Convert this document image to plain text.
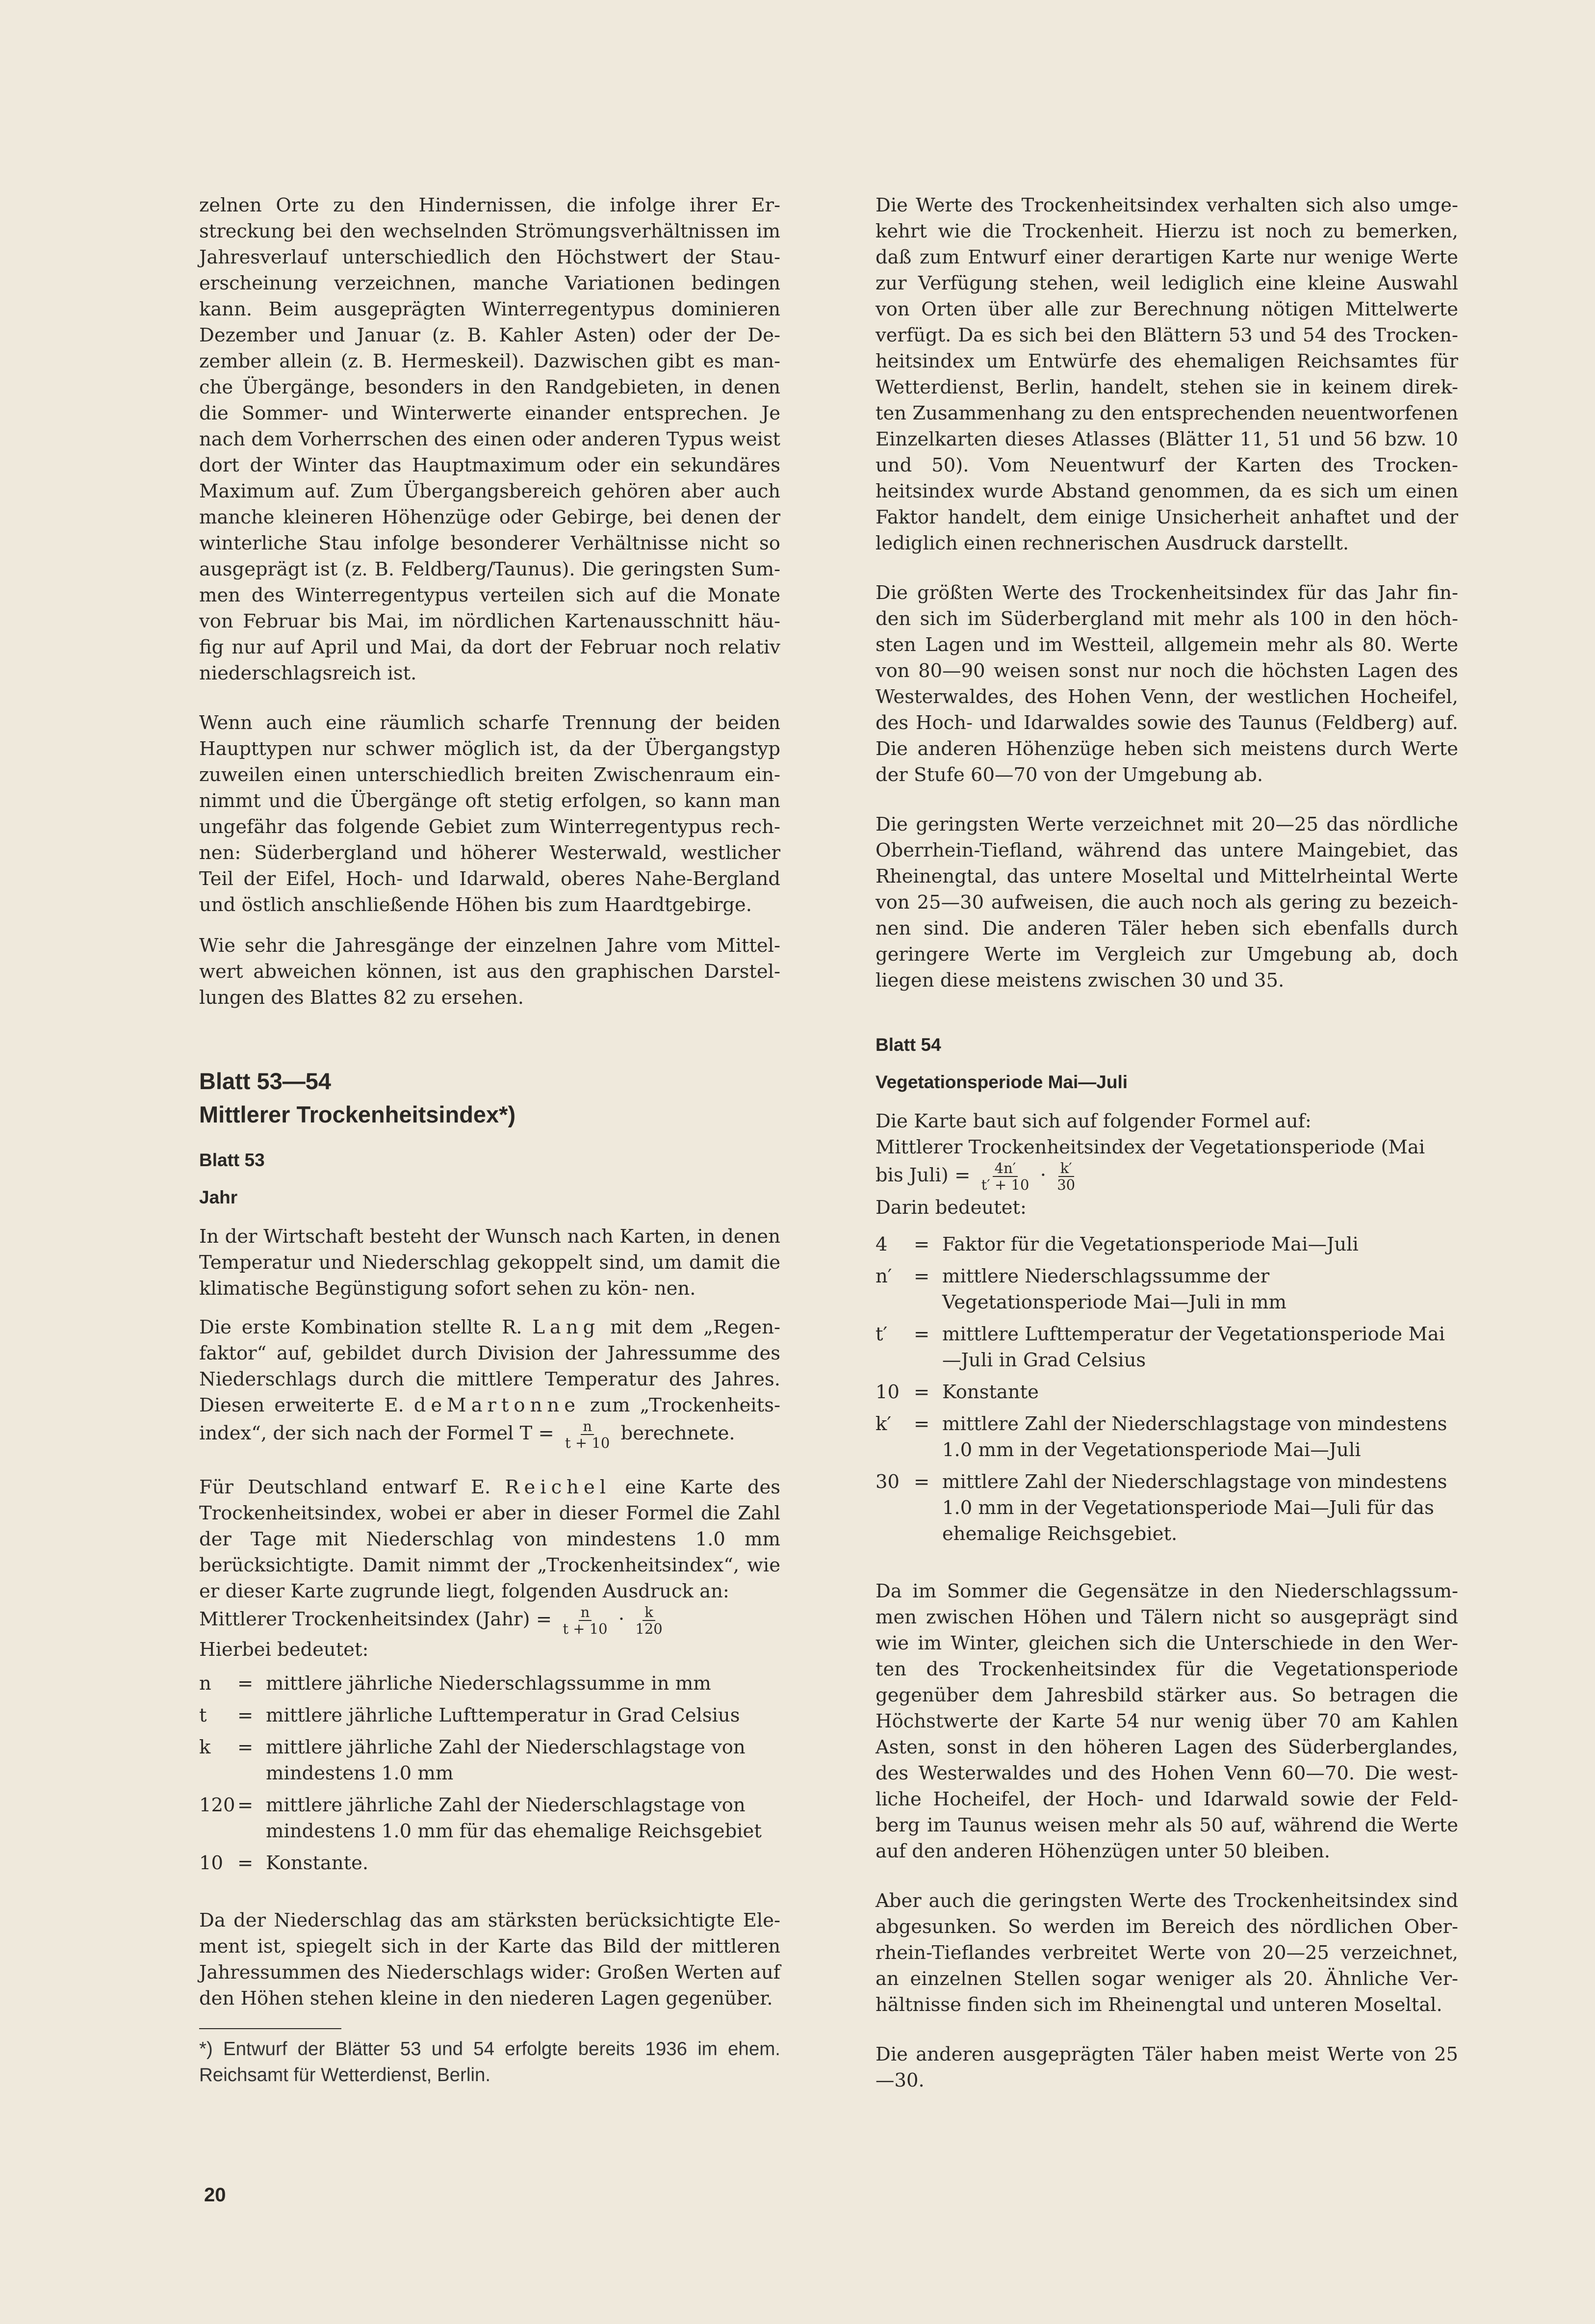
zelnen Orte zu den Hindernissen, die infolge ihrer Er- streckung bei den wechselnden Strömungsverhältnissen im Jahresverlauf unterschiedlich den Höchstwert der Stau- erscheinung verzeichnen, manche Variationen bedingen kann. Beim ausgeprägten Winterregentypus dominieren Dezember und Januar (z. B. Kahler Asten) oder der De- zember allein (z. B. Hermeskeil). Dazwischen gibt es man- che Übergänge, besonders in den Randgebieten, in denen die Sommer- und Winterwerte einander entsprechen. Je nach dem Vorherrschen des einen oder anderen Typus weist dort der Winter das Hauptmaximum oder ein sekundäres Maximum auf. Zum Übergangsbereich gehören aber auch manche kleineren Höhenzüge oder Gebirge, bei denen der winterliche Stau infolge besonderer Verhältnisse nicht so ausgeprägt ist (z. B. Feldberg/Taunus). Die geringsten Sum- men des Winterregentypus verteilen sich auf die Monate von Februar bis Mai, im nördlichen Kartenausschnitt häu- fig nur auf April und Mai, da dort der Februar noch relativ niederschlagsreich ist.

Wenn auch eine räumlich scharfe Trennung der beiden Haupttypen nur schwer möglich ist, da der Übergangstyp zuweilen einen unterschiedlich breiten Zwischenraum ein- nimmt und die Übergänge oft stetig erfolgen, so kann man ungefähr das folgende Gebiet zum Winterregentypus rech- nen: Süderbergland und höherer Westerwald, westlicher Teil der Eifel, Hoch- und Idarwald, oberes Nahe-Bergland und östlich anschließende Höhen bis zum Haardtgebirge.

Wie sehr die Jahresgänge der einzelnen Jahre vom Mittel- wert abweichen können, ist aus den graphischen Darstel- lungen des Blattes 82 zu ersehen.

Blatt 53—54
Mittlerer Trockenheitsindex*)
Blatt 53
Jahr

In der Wirtschaft besteht der Wunsch nach Karten, in denen Temperatur und Niederschlag gekoppelt sind, um damit die klimatische Begünstigung sofort sehen zu kön- nen.

Die erste Kombination stellte R. Lang mit dem „Regen- faktor“ auf, gebildet durch Division der Jahressumme des Niederschlags durch die mittlere Temperatur des Jahres. Diesen erweiterte E. deMartonne zum „Trockenheits- index“, der sich nach der Formel $T = \frac{n}{t + 10}$ berechnete.

Für Deutschland entwarf E. Reichel eine Karte des Trockenheitsindex, wobei er aber in dieser Formel die Zahl der Tage mit Niederschlag von mindestens 1.0 mm berücksichtigte. Damit nimmt der „Trockenheitsindex“, wie er dieser Karte zugrunde liegt, folgenden Ausdruck an:

Mittlerer Trockenheitsindex (Jahr) = $\frac{n}{t + 10} \cdot \frac{k}{120}$
Hierbei bedeutet:
n	= mittlere jährliche Niederschlagssumme in mm
t	= mittlere jährliche Lufttemperatur in Grad Celsius
k	= mittlere jährliche Zahl der Niederschlagstage von mindestens 1.0 mm
120 = mittlere jährliche Zahl der Niederschlagstage von mindestens 1.0 mm für das ehemalige Reichsgebiet
10 = Konstante.

Da der Niederschlag das am stärksten berücksichtigte Ele- ment ist, spiegelt sich in der Karte das Bild der mittleren Jahressummen des Niederschlags wider: Großen Werten auf den Höhen stehen kleine in den niederen Lagen gegenüber.

*) Entwurf der Blätter 53 und 54 erfolgte bereits 1936 im ehem. Reichsamt für Wetterdienst, Berlin.

Die Werte des Trockenheitsindex verhalten sich also umge- kehrt wie die Trockenheit. Hierzu ist noch zu bemerken, daß zum Entwurf einer derartigen Karte nur wenige Werte zur Verfügung stehen, weil lediglich eine kleine Auswahl von Orten über alle zur Berechnung nötigen Mittelwerte verfügt. Da es sich bei den Blättern 53 und 54 des Trocken- heitsindex um Entwürfe des ehemaligen Reichsamtes für Wetterdienst, Berlin, handelt, stehen sie in keinem direk- ten Zusammenhang zu den entsprechenden neuentworfenen Einzelkarten dieses Atlasses (Blätter 11, 51 und 56 bzw. 10 und 50). Vom Neuentwurf der Karten des Trocken- heitsindex wurde Abstand genommen, da es sich um einen Faktor handelt, dem einige Unsicherheit anhaftet und der lediglich einen rechnerischen Ausdruck darstellt.

Die größten Werte des Trockenheitsindex für das Jahr fin- den sich im Süderbergland mit mehr als 100 in den höch- sten Lagen und im Westteil, allgemein mehr als 80. Werte von 80—90 weisen sonst nur noch die höchsten Lagen des Westerwaldes, des Hohen Venn, der westlichen Hocheifel, des Hoch- und Idarwaldes sowie des Taunus (Feldberg) auf. Die anderen Höhenzüge heben sich meistens durch Werte der Stufe 60—70 von der Umgebung ab.

Die geringsten Werte verzeichnet mit 20—25 das nördliche Oberrhein-Tiefland, während das untere Maingebiet, das Rheinengtal, das untere Moseltal und Mittelrheintal Werte von 25—30 aufweisen, die auch noch als gering zu bezeich- nen sind. Die anderen Täler heben sich ebenfalls durch geringere Werte im Vergleich zur Umgebung ab, doch liegen diese meistens zwischen 30 und 35.

Blatt 54
Vegetationsperiode Mai—Juli
Die Karte baut sich auf folgender Formel auf:
Mittlerer Trockenheitsindex der Vegetationsperiode (Mai bis Juli) = $\frac{4n'}{t' + 10} \cdot \frac{k'}{30}$
Darin bedeutet:
4	= Faktor für die Vegetationsperiode Mai—Juli
n′	= mittlere Niederschlagssumme der Vegetationsperiode Mai—Juli in mm
t′	= mittlere Lufttemperatur der Vegetationsperiode Mai—Juli in Grad Celsius
10 = Konstante
k′	= mittlere Zahl der Niederschlagstage von mindestens 1.0 mm in der Vegetationsperiode Mai—Juli
30 = mittlere Zahl der Niederschlagstage von mindestens 1.0 mm in der Vegetationsperiode Mai—Juli für das ehemalige Reichsgebiet.

Da im Sommer die Gegensätze in den Niederschlagssum- men zwischen Höhen und Tälern nicht so ausgeprägt sind wie im Winter, gleichen sich die Unterschiede in den Wer- ten des Trockenheitsindex für die Vegetationsperiode gegenüber dem Jahresbild stärker aus. So betragen die Höchstwerte der Karte 54 nur wenig über 70 am Kahlen Asten, sonst in den höheren Lagen des Süderberglandes, des Westerwaldes und des Hohen Venn 60—70. Die west- liche Hocheifel, der Hoch- und Idarwald sowie der Feld- berg im Taunus weisen mehr als 50 auf, während die Werte auf den anderen Höhenzügen unter 50 bleiben.

Aber auch die geringsten Werte des Trockenheitsindex sind abgesunken. So werden im Bereich des nördlichen Ober- rhein-Tieflandes verbreitet Werte von 20—25 verzeichnet, an einzelnen Stellen sogar weniger als 20. Ähnliche Ver- hältnisse finden sich im Rheinengtal und unteren Moseltal.

Die anderen ausgeprägten Täler haben meist Werte von 25—30.

20
